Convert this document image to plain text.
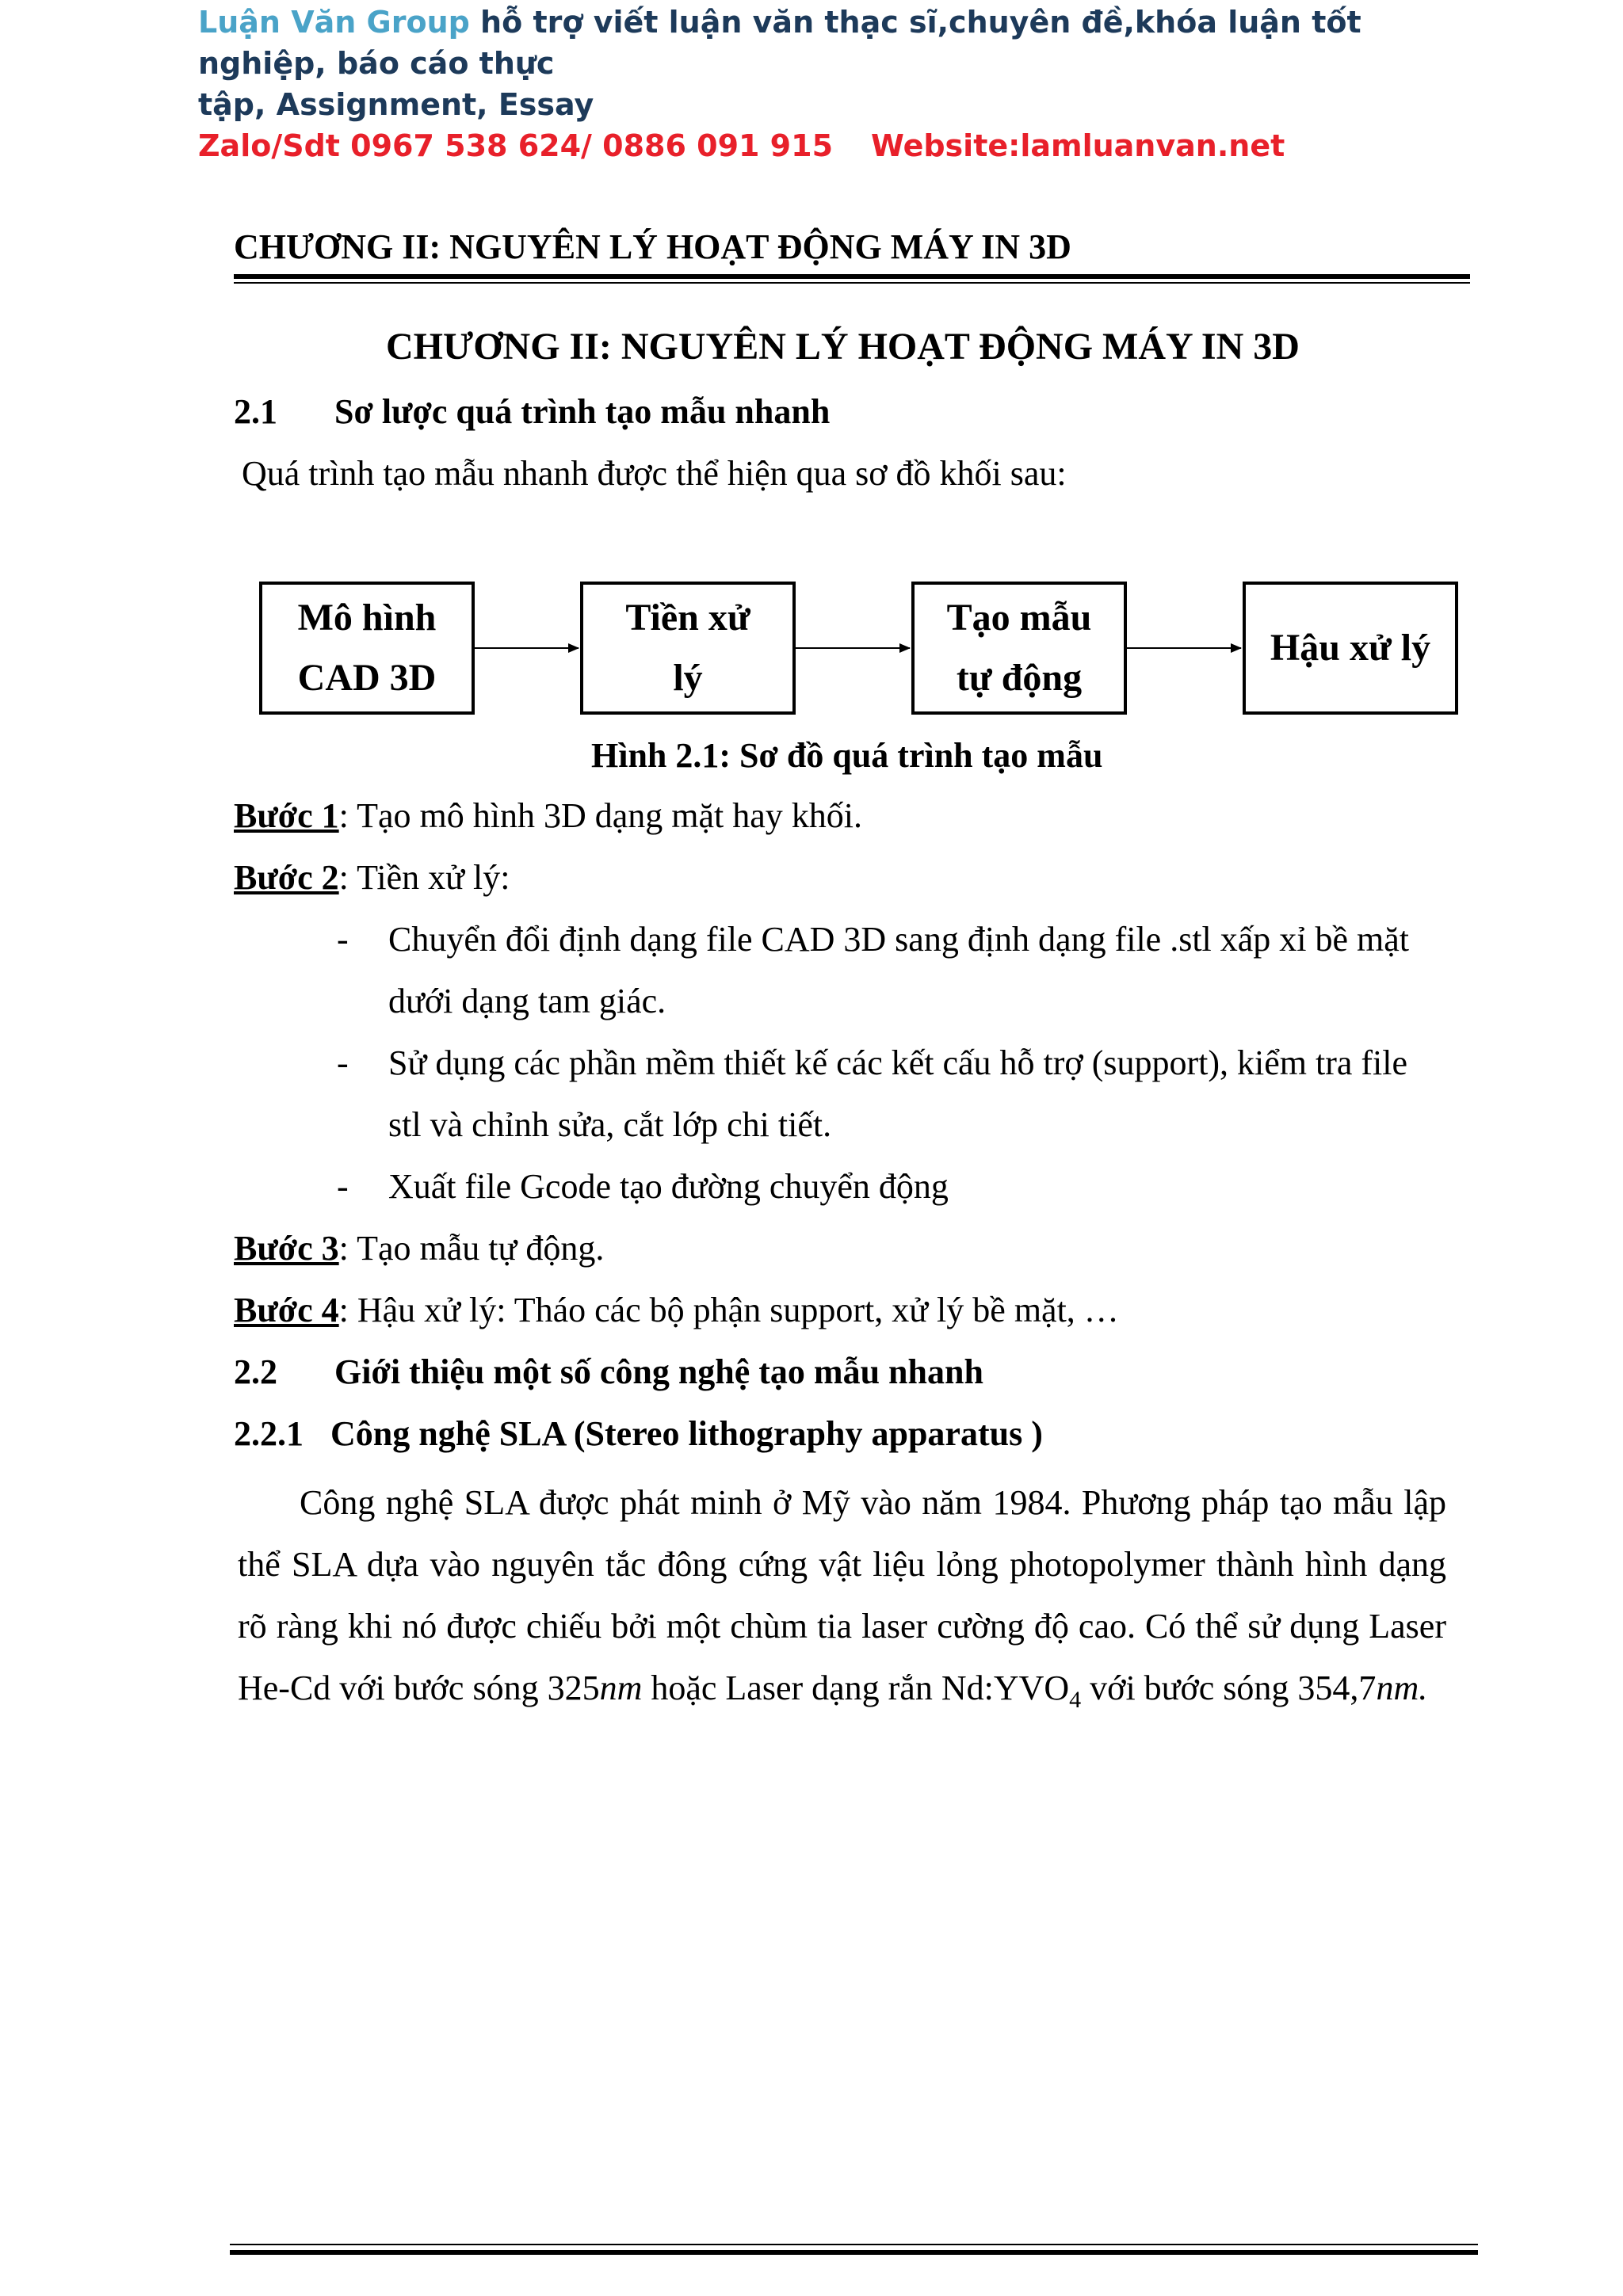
Luận Văn Group hỗ trợ viết luận văn thạc sĩ,chuyên đề,khóa luận tốt nghiệp, báo cáo thực
tập, Assignment, Essay
Zalo/Sdt 0967 538 624/ 0886 091 915 Website:lamluanvan.net
CHƯƠNG II: NGUYÊN LÝ HOẠT ĐỘNG MÁY IN 3D
CHƯƠNG II: NGUYÊN LÝ HOẠT ĐỘNG MÁY IN 3D
2.1 Sơ lược quá trình tạo mẫu nhanh
Quá trình tạo mẫu nhanh được thể hiện qua sơ đồ khối sau:
Mô hình
CAD 3D
Tiền xử
lý
Tạo mẫu
tự động
Hậu xử lý
Hình 2.1: Sơ đồ quá trình tạo mẫu
Bước 1: Tạo mô hình 3D dạng mặt hay khối.
Bước 2: Tiền xử lý:
- Chuyển đổi định dạng file CAD 3D sang định dạng file .stl xấp xỉ bề mặt
dưới dạng tam giác.
- Sử dụng các phần mềm thiết kế các kết cấu hỗ trợ (support), kiểm tra file
stl và chỉnh sửa, cắt lớp chi tiết.
- Xuất file Gcode tạo đường chuyển động
Bước 3: Tạo mẫu tự động.
Bước 4: Hậu xử lý: Tháo các bộ phận support, xử lý bề mặt, …
2.2 Giới thiệu một số công nghệ tạo mẫu nhanh
2.2.1 Công nghệ SLA (Stereo lithography apparatus )
Công nghệ SLA được phát minh ở Mỹ vào năm 1984. Phương pháp tạo mẫu lập thể SLA dựa vào nguyên tắc đông cứng vật liệu lỏng photopolymer thành hình dạng rõ ràng khi nó được chiếu bởi một chùm tia laser cường độ cao. Có thể sử dụng Laser He-Cd với bước sóng 325nm hoặc Laser dạng rắn $Nd:YVO_4$ với bước sóng 354,7nm.
